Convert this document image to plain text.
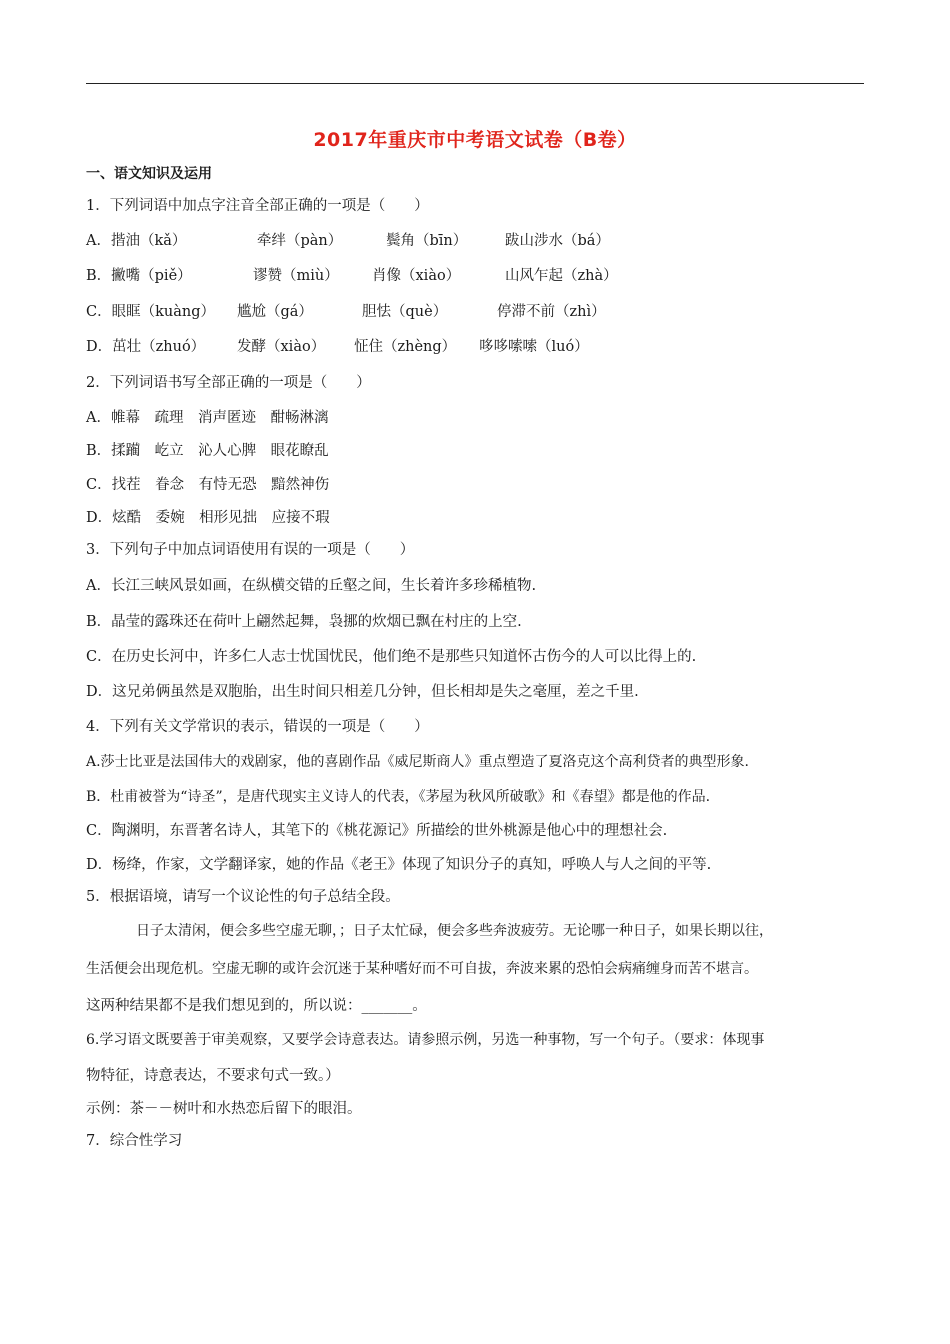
2017年重庆市中考语文试卷（B卷）
一、语文知识及运用
1．下列词语中加点字注音全部正确的一项是（　　）
A．揩油（kǎ）	牵绊（pàn）	鬓角（bīn）	跋山涉水（bá）
B．撇嘴（piě）	谬赞（miù） 肖像（xiào）	山风乍起（zhà）
C．眼眶（kuàng） 尴尬（gá）	胆怯（què）	停滞不前（zhì）
D．茁壮（zhuó） 发酵（xiào） 怔住（zhèng） 哆哆嗦嗦（luó）
2．下列词语书写全部正确的一项是（　　）
A．帷幕　疏理　消声匿迹　酣畅淋漓
B．揉躏　屹立　沁人心脾　眼花瞭乱
C．找茬　眷念　有恃无恐　黯然神伤
D．炫酷　委婉　相形见拙　应接不瑕
3．下列句子中加点词语使用有误的一项是（　　）
A．长江三峡风景如画，在纵横交错的丘壑之间，生长着许多珍稀植物.
B．晶莹的露珠还在荷叶上翩然起舞，袅挪的炊烟已飘在村庄的上空.
C．在历史长河中，许多仁人志士忧国忧民，他们绝不是那些只知道怀古伤今的人可以比得上的.
D．这兄弟俩虽然是双胞胎，出生时间只相差几分钟，但长相却是失之毫厘，差之千里.
4．下列有关文学常识的表示，错误的一项是（　　）
A.莎士比亚是法国伟大的戏剧家，他的喜剧作品《威尼斯商人》重点塑造了夏洛克这个高利贷者的典型形象.
B．杜甫被誉为“诗圣”，是唐代现实主义诗人的代表，《茅屋为秋风所破歌》和《春望》都是他的作品.
C．陶渊明，东晋著名诗人，其笔下的《桃花源记》所描绘的世外桃源是他心中的理想社会.
D．杨绛，作家，文学翻译家，她的作品《老王》体现了知识分子的真知，呼唤人与人之间的平等.
5．根据语境，请写一个议论性的句子总结全段。
日子太清闲，便会多些空虚无聊，；日子太忙碌，便会多些奔波疲劳。无论哪一种日子，如果长期以往，
生活便会出现危机。空虚无聊的或许会沉迷于某种嗜好而不可自拔，奔波来累的恐怕会病痛缠身而苦不堪言。
这两种结果都不是我们想见到的，所以说：_______。
6.学习语文既要善于审美观察，又要学会诗意表达。请参照示例，另选一种事物，写一个句子。（要求：体现事
物特征，诗意表达，不要求句式一致。）
示例：茶－－树叶和水热恋后留下的眼泪。
7．综合性学习
